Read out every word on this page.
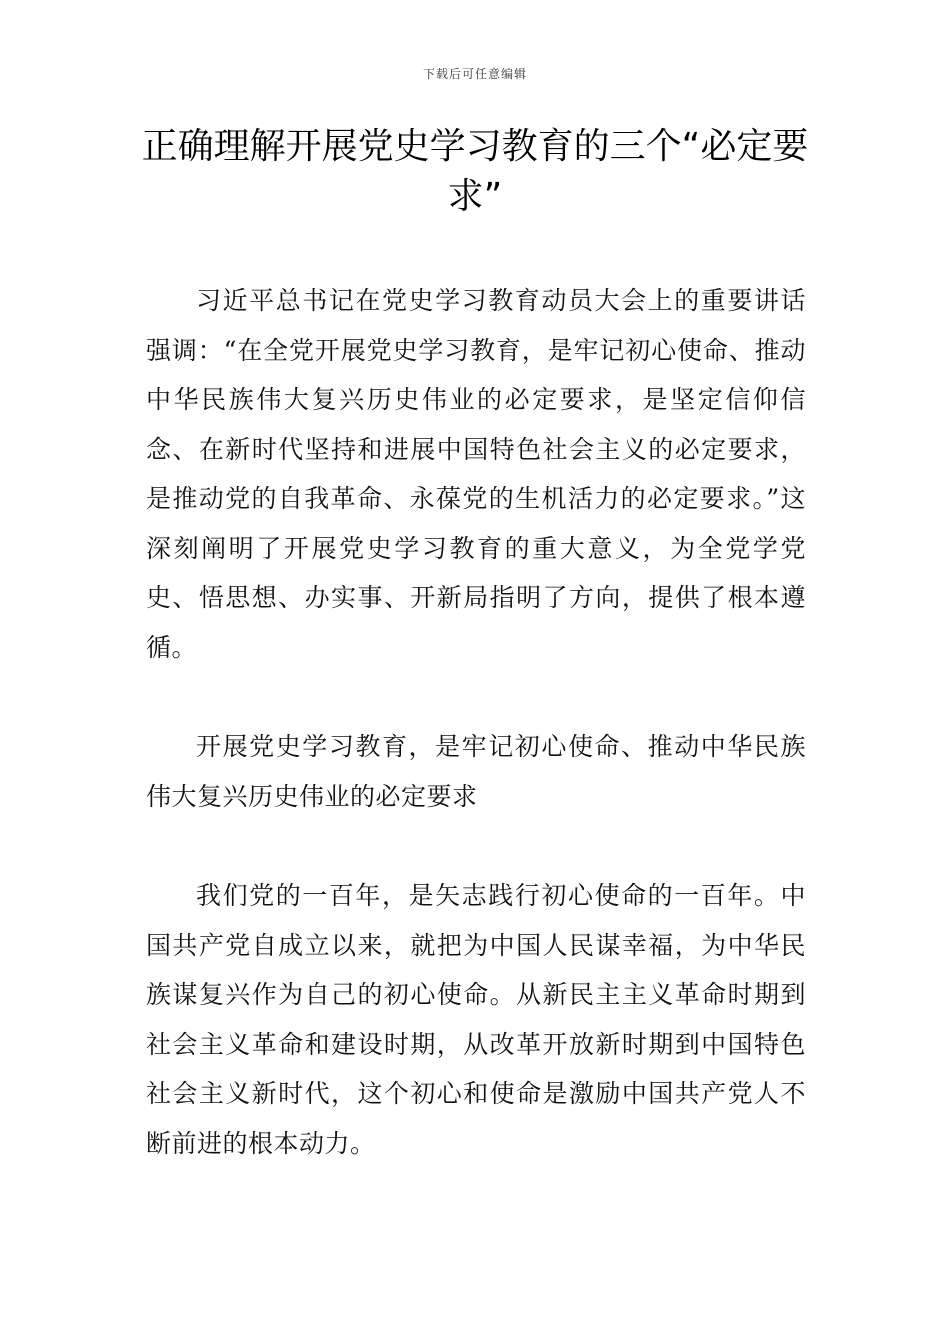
下载后可任意编辑
正确理解开展党史学习教育的三个“必定要求”

习近平总书记在党史学习教育动员大会上的重要讲话强调：“在全党开展党史学习教育，是牢记初心使命、推动中华民族伟大复兴历史伟业的必定要求，是坚定信仰信念、在新时代坚持和进展中国特色社会主义的必定要求，是推动党的自我革命、永葆党的生机活力的必定要求。”这深刻阐明了开展党史学习教育的重大意义，为全党学党史、悟思想、办实事、开新局指明了方向，提供了根本遵循。

开展党史学习教育，是牢记初心使命、推动中华民族伟大复兴历史伟业的必定要求

我们党的一百年，是矢志践行初心使命的一百年。中国共产党自成立以来，就把为中国人民谋幸福，为中华民族谋复兴作为自己的初心使命。从新民主主义革命时期到社会主义革命和建设时期，从改革开放新时期到中国特色社会主义新时代，这个初心和使命是激励中国共产党人不断前进的根本动力。
